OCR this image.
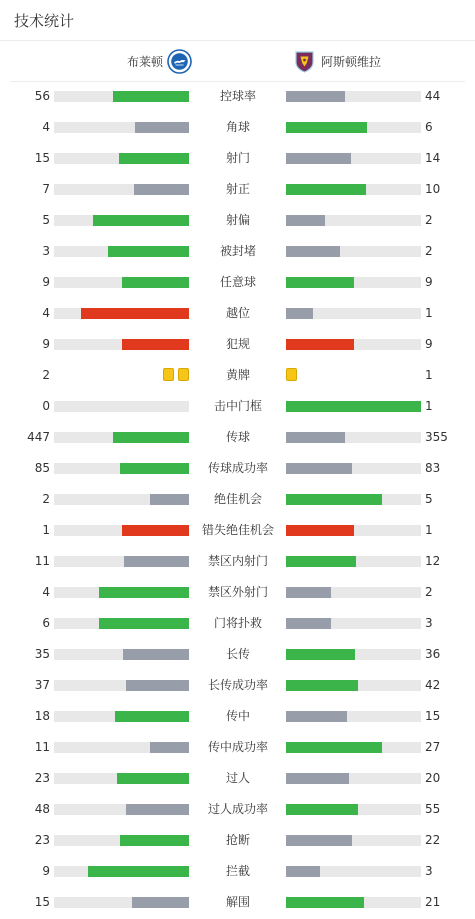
技术统计
布莱顿	阿斯顿维拉
56	控球率	44
4	角球	6
15	射门	14
7	射正	10
5	射偏	2
3	被封堵	2
9	任意球	9
4	越位	1
9	犯规	9
2	黄牌	1
0	击中门框	1
447	传球	355
85	传球成功率	83
2	绝佳机会	5
1	错失绝佳机会	1
11	禁区内射门	12
4	禁区外射门	2
6	门将扑救	3
35	长传	36
37	长传成功率	42
18	传中	15
11	传中成功率	27
23	过人	20
48	过人成功率	55
23	抢断	22
9	拦截	3
15	解围	21
